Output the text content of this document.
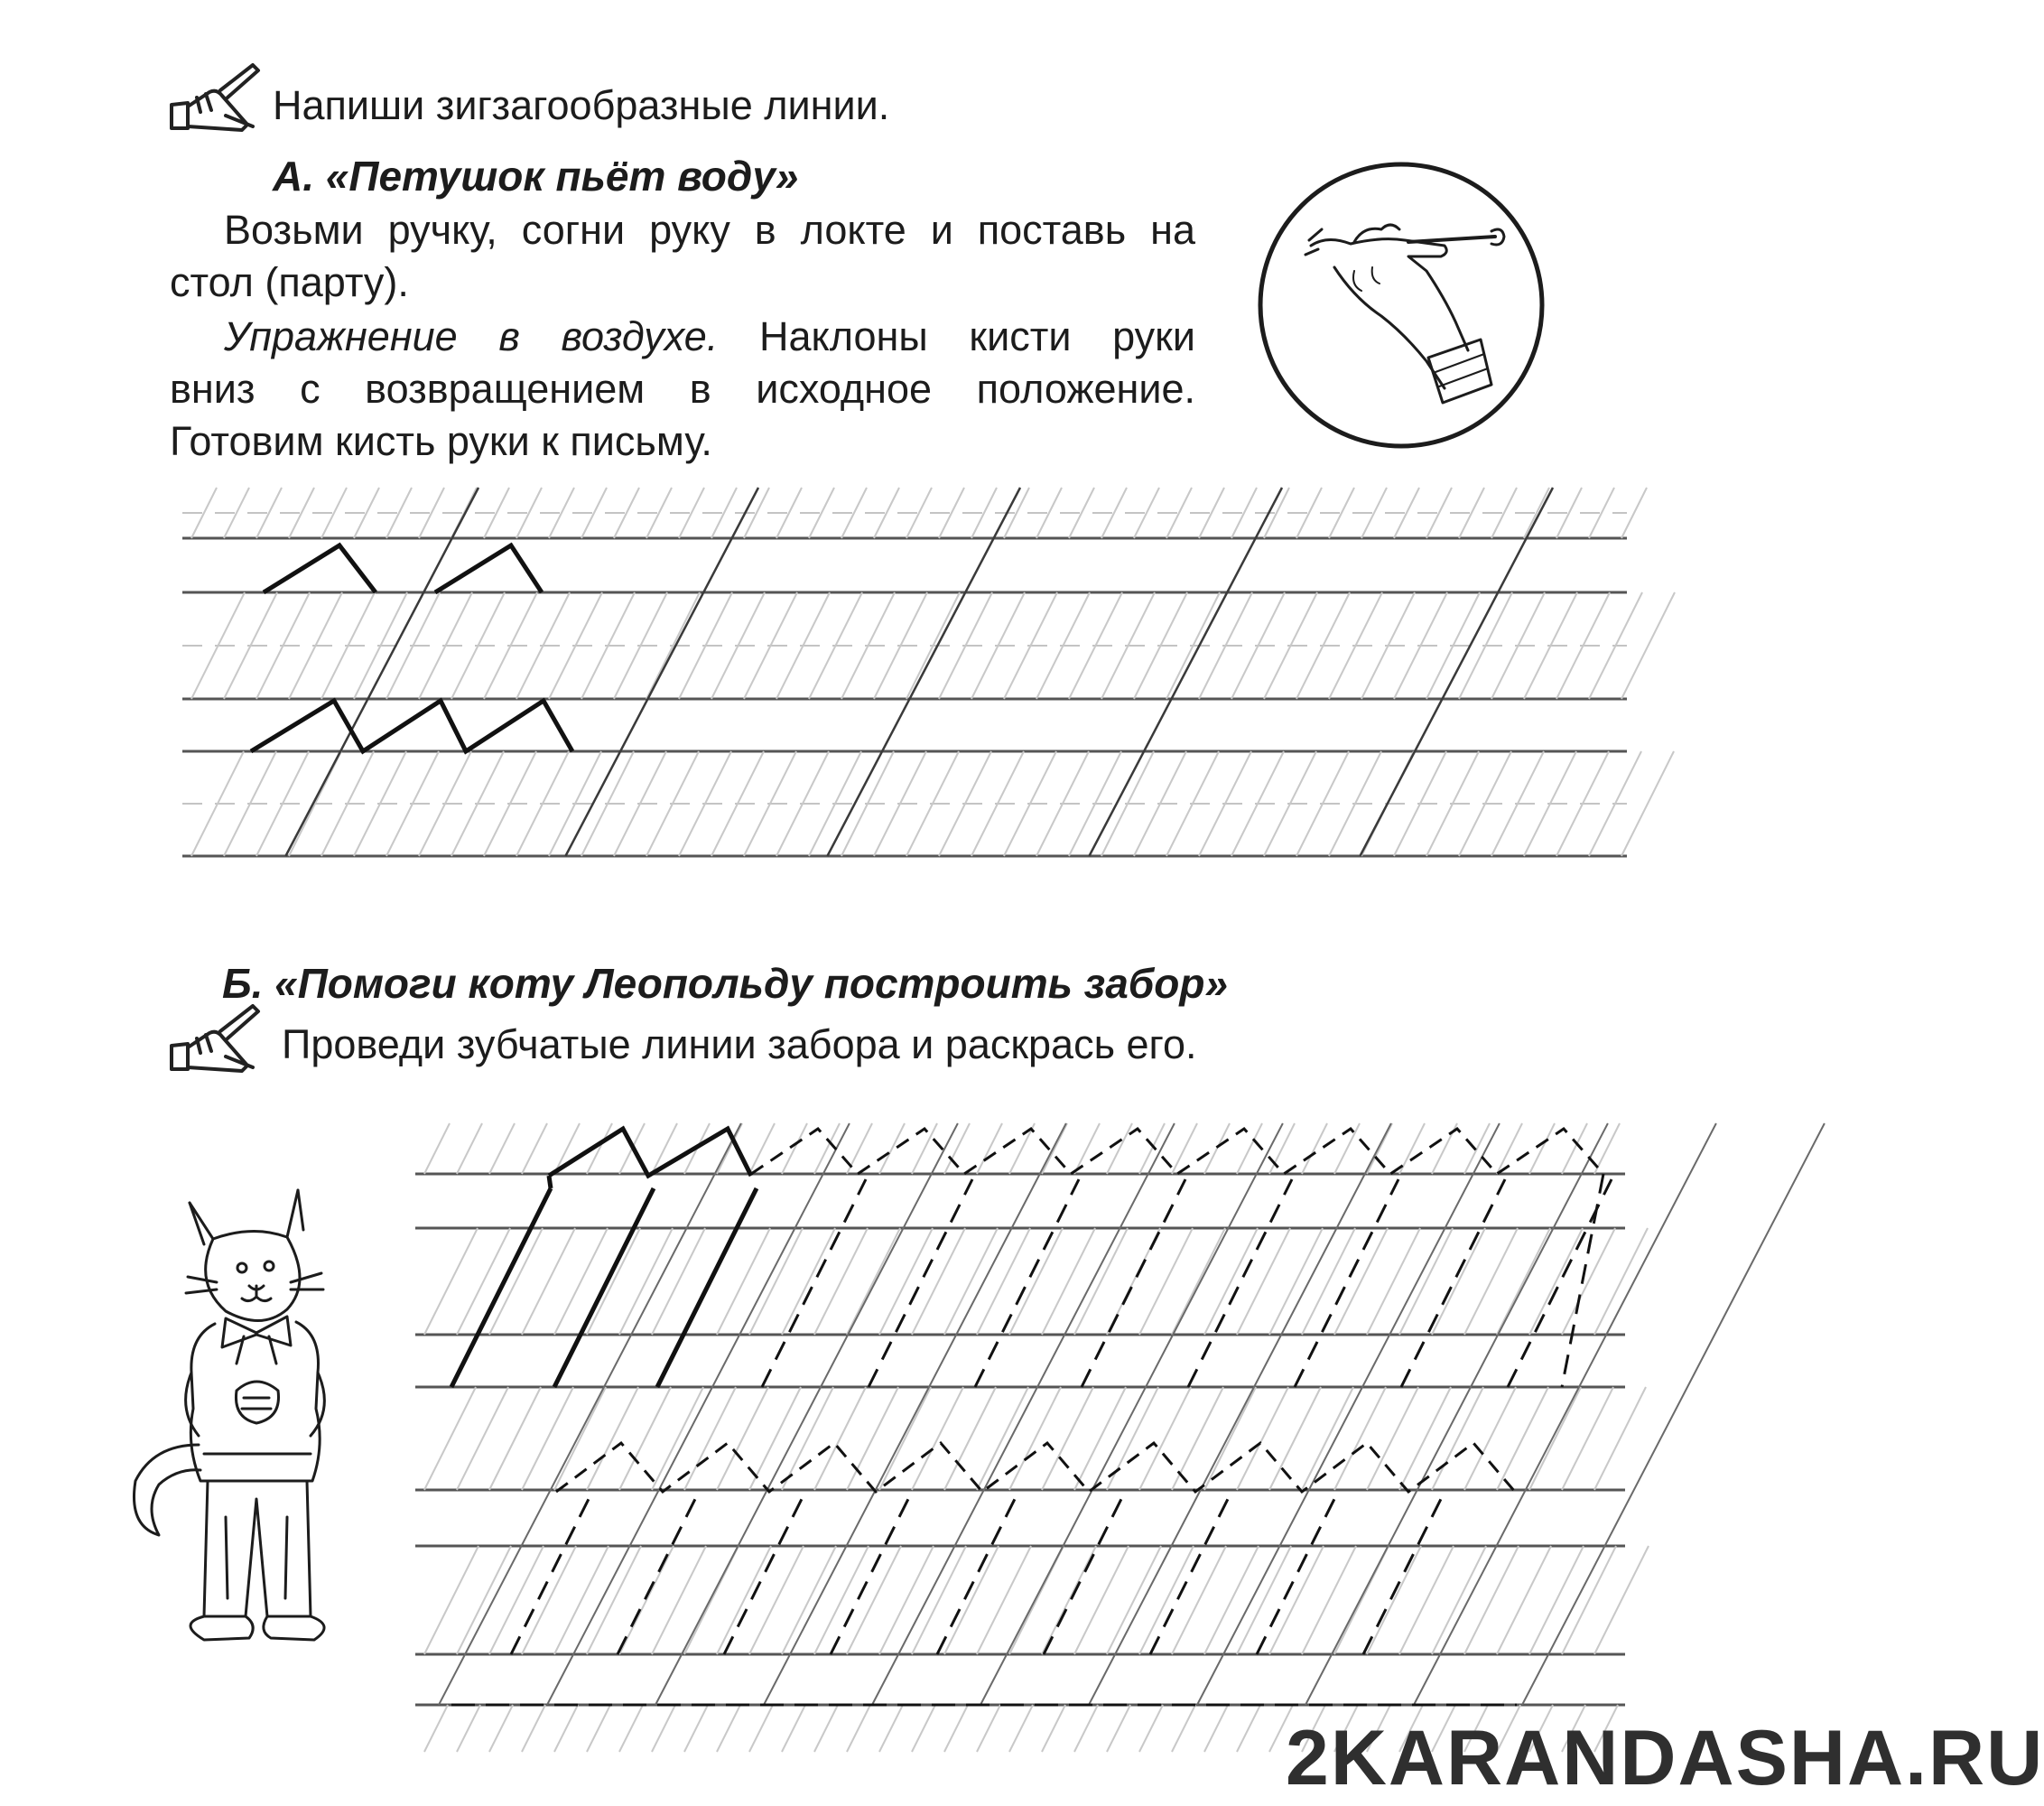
Напиши зигзагообразные линии.
А. «Петушок пьёт воду»
Возьми ручку, согни руку в локте и поставь на
стол (парту).
Упражнение в воздухе. Наклоны кисти руки
вниз с возвращением в исходное положение.
Готовим кисть руки к письму.
Б. «Помоги коту Леопольду построить забор»
Проведи зубчатые линии забора и раскрась его.
2KARANDASHA.RU
